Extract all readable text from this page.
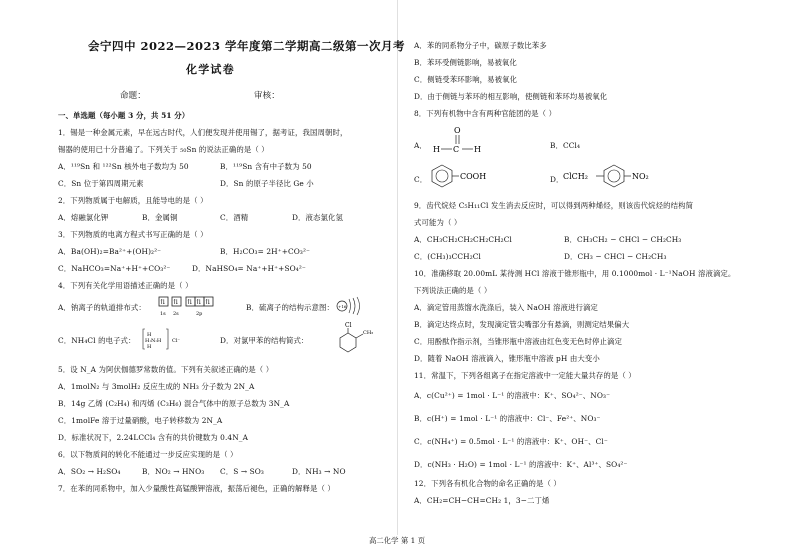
会宁四中 2022—2023 学年度第二学期高二级第一次月考
化学试卷
命题：	审核：
一、单选题（每小题 3 分，共 51 分）
1．锡是一种金属元素，早在远古时代，人们便发现并使用锡了，据考证，我国周朝时，
锡器的使用已十分普遍了。下列关于 ₅₀Sn 的说法正确的是（ ）
A．¹¹⁹Sn 和 ¹²²Sn 核外电子数均为 50	B．¹¹⁹Sn 含有中子数为 50
C．Sn 位于第四周期元素	D．Sn 的原子半径比 Ge 小
2．下列物质属于电解质，且能导电的是（ ）
A．熔融氯化钾	B．金属铜	C．酒精	D．液态氯化氢
3．下列物质的电离方程式书写正确的是（ ）
A．Ba(OH)₂=Ba²⁺+(OH)₂²⁻	B．H₂CO₃= 2H⁺+CO₃²⁻
C．NaHCO₃=Na⁺+H⁺+CO₃²⁻	D．NaHSO₄= Na⁺+H⁺+SO₄²⁻
4．下列有关化学用语描述正确的是（ ）
A．钠离子的轨道排布式：
⇅ ⇅ ⇅ ⇅ ⇅
1s 2s	2p
B．硫离子的结构示意图： +16
C．NH₄Cl 的电子式：
H
H:N:H
H
Cl⁻	D．对氯甲苯的结构简式：
Cl
CH₃
5．设 N_A 为阿伏伽德罗常数的值。下列有关叙述正确的是（ ）
A．1molN₂ 与 3molH₂ 反应生成的 NH₃ 分子数为 2N_A
B．14g 乙烯 (C₂H₄) 和丙烯 (C₃H₆) 混合气体中的原子总数为 3N_A
C．1molFe 溶于过量硝酸，电子转移数为 2N_A
D．标准状况下，2.24LCCl₄ 含有的共价键数为 0.4N_A
6．以下物质间的转化不能通过一步反应实现的是（ ）
A．SO₂ → H₂SO₄	B．NO₂ → HNO₃ C．S → SO₃	D．NH₃ → NO
7．在苯的同系物中，加入少量酸性高锰酸钾溶液，振荡后褪色，正确的解释是（ ）
A．苯的同系物分子中，碳原子数比苯多
B．苯环受侧链影响，易被氧化
C．侧链受苯环影响，易被氧化
D．由于侧链与苯环的相互影响，使侧链和苯环均易被氧化
8．下列有机物中含有两种官能团的是（ ）
A．
O
H C H	B．CCl₄
C．	COOH	D． ClCH₂	NO₂
9．齿代烷烃 C₅H₁₁Cl 发生消去反应时，可以得到两种烯烃，则该齿代烷烃的结构简
式可能为（ ）
A．CH₃CH₂CH₂CH₂CH₂Cl	B．CH₃CH₂ − CHCl − CH₂CH₃
C．(CH₃)₃CCH₂Cl	D．CH₃ − CHCl − CH₂CH₃
10．准确移取 20.00mL 某待测 HCl 溶液于锥形瓶中，用 0.1000mol · L⁻¹NaOH 溶液滴定。
下列说法正确的是（ ）
A．滴定管用蒸馏水洗涤后，装入 NaOH 溶液进行滴定
B．滴定达终点时，发现滴定管尖嘴部分有悬滴，则测定结果偏大
C．用酚酞作指示剂，当锥形瓶中溶液由红色变无色时停止滴定
D．随着 NaOH 溶液滴入，锥形瓶中溶液 pH 由大变小
11．常温下，下列各组离子在指定溶液中一定能大量共存的是（ ）
A．c(Cu²⁺) = 1mol · L⁻¹ 的溶液中：K⁺、SO₄²⁻、NO₃⁻
B．c(H⁺) = 1mol · L⁻¹ 的溶液中：Cl⁻、Fe²⁺、NO₃⁻
C．c(NH₄⁺) = 0.5mol · L⁻¹ 的溶液中：K⁺、OH⁻、Cl⁻
D．c(NH₃ · H₂O) = 1mol · L⁻¹ 的溶液中：K⁺、Al³⁺、SO₄²⁻
12．下列各有机化合物的命名正确的是（ ）
A．CH₂=CH−CH=CH₂ 1，3−二丁烯
高二化学 第 1 页
